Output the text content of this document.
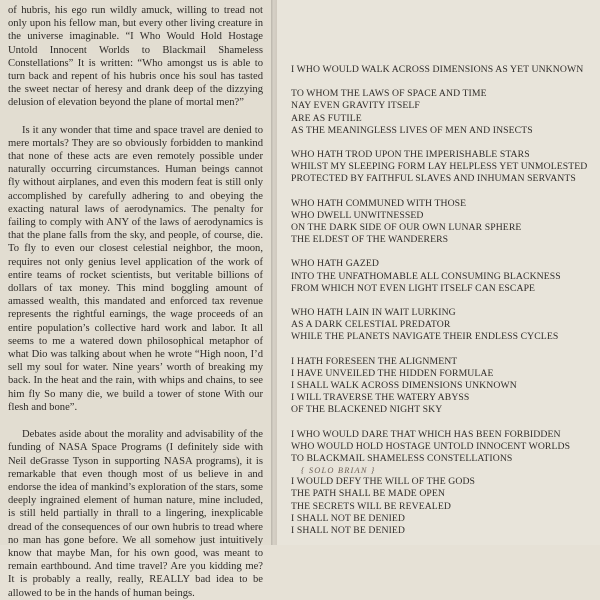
of hubris, his ego run wildly amuck, willing to tread not only upon his fellow man, but every other living creature in the universe imaginable. “I Who Would Hold Hostage Untold Innocent Worlds to Blackmail Shameless Constellations” It is written: “Who amongst us is able to turn back and repent of his hubris once his soul has tasted the sweet nectar of heresy and drank deep of the dizzying delusion of elevation beyond the plane of mortal men?”

Is it any wonder that time and space travel are denied to mere mortals? They are so obviously forbidden to mankind that none of these acts are even remotely possible under naturally occurring circumstances. Human beings cannot fly without airplanes, and even this modern feat is still only accomplished by carefully adhering to and obeying the exacting natural laws of aerodynamics. The penalty for failing to comply with ANY of the laws of aerodynamics is that the plane falls from the sky, and people, of course, die. To fly to even our closest celestial neighbor, the moon, requires not only genius level application of the work of entire teams of rocket scientists, but veritable billions of dollars of tax money. This mind boggling amount of amassed wealth, this mandated and enforced tax revenue represents the rightful earnings, the wage proceeds of an entire population’s collective hard work and labor. It all seems to me a watered down philosophical metaphor of what Dio was talking about when he wrote “High noon, I’d sell my soul for water. Nine years’ worth of breaking my back. In the heat and the rain, with whips and chains, to see him fly So many die, we build a tower of stone With our flesh and bone”.

Debates aside about the morality and advisability of the funding of NASA Space Programs (I definitely side with Neil deGrasse Tyson in supporting NASA programs), it is remarkable that even though most of us believe in and endorse the idea of mankind’s exploration of the stars, some deeply ingrained element of human nature, mine included, is still held partially in thrall to a lingering, inexplicable dread of the consequences of our own hubris to tread where no man has gone before. We all somehow just intuitively know that maybe Man, for his own good, was meant to remain earthbound. And time travel? Are you kidding me? It is probably a really, really, REALLY bad idea to be allowed to be in the hands of human beings.

I WHO WOULD WALK ACROSS DIMENSIONS AS YET UNKNOWN
TO WHOM THE LAWS OF SPACE AND TIME
NAY EVEN GRAVITY ITSELF
ARE AS FUTILE
AS THE MEANINGLESS LIVES OF MEN AND INSECTS
WHO HATH TROD UPON THE IMPERISHABLE STARS
WHILST MY SLEEPING FORM LAY HELPLESS YET UNMOLESTED
PROTECTED BY FAITHFUL SLAVES AND INHUMAN SERVANTS
WHO HATH COMMUNED WITH THOSE
WHO DWELL UNWITNESSED
ON THE DARK SIDE OF OUR OWN LUNAR SPHERE
THE ELDEST OF THE WANDERERS
WHO HATH GAZED
INTO THE UNFATHOMABLE ALL CONSUMING BLACKNESS
FROM WHICH NOT EVEN LIGHT ITSELF CAN ESCAPE
WHO HATH LAIN IN WAIT LURKING
AS A DARK CELESTIAL PREDATOR
WHILE THE PLANETS NAVIGATE THEIR ENDLESS CYCLES
I HATH FORESEEN THE ALIGNMENT
I HAVE UNVEILED THE HIDDEN FORMULAE
I SHALL WALK ACROSS DIMENSIONS UNKNOWN
I WILL TRAVERSE THE WATERY ABYSS
OF THE BLACKENED NIGHT SKY
I WHO WOULD DARE THAT WHICH HAS BEEN FORBIDDEN
WHO WOULD HOLD HOSTAGE UNTOLD INNOCENT WORLDS
TO BLACKMAIL SHAMELESS CONSTELLATIONS
{ SOLO BRIAN }
I WOULD DEFY THE WILL OF THE GODS
THE PATH SHALL BE MADE OPEN
THE SECRETS WILL BE REVEALED
I SHALL NOT BE DENIED
I SHALL NOT BE DENIED
